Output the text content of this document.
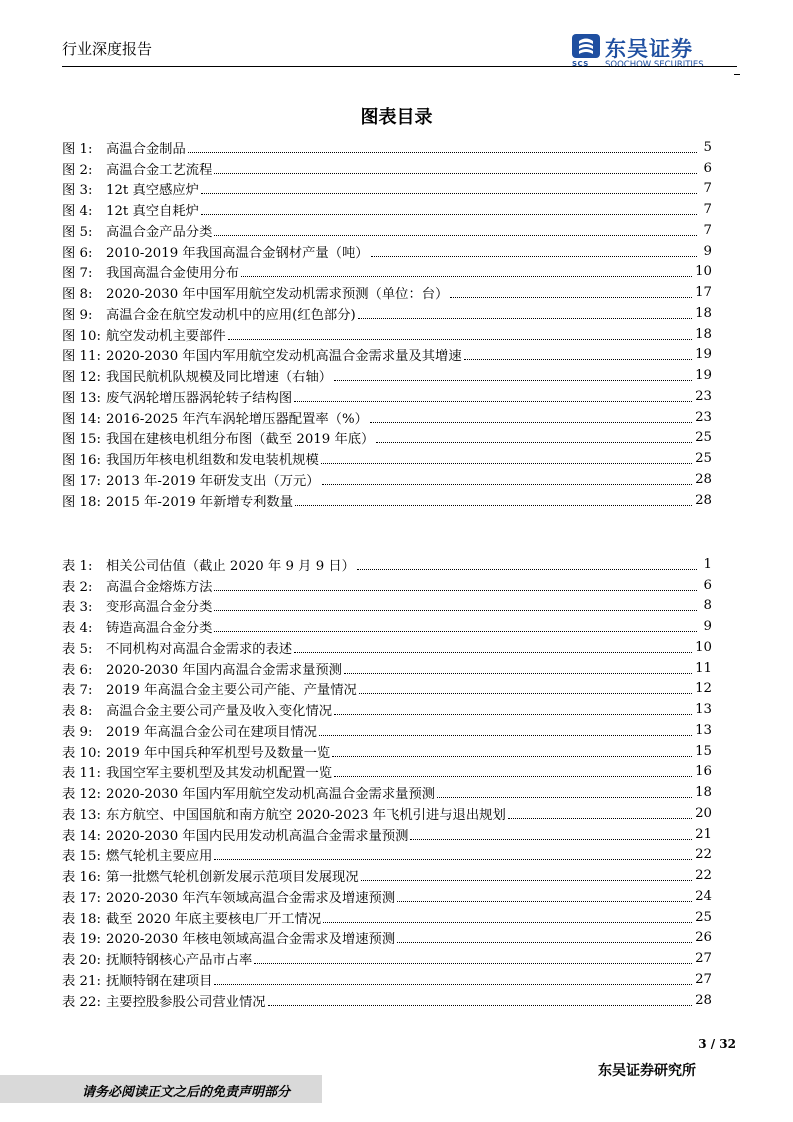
行业深度报告
SCS
东吴证券
SOOCHOW SECURITIES
图表目录
图 1:	高温合金制品	5
图 2:	高温合金工艺流程	6
图 3:	12t 真空感应炉	7
图 4:	12t 真空自耗炉	7
图 5:	高温合金产品分类	7
图 6:	2010-2019 年我国高温合金钢材产量（吨）	9
图 7:	我国高温合金使用分布	10
图 8:	2020-2030 年中国军用航空发动机需求预测（单位：台）	17
图 9:	高温合金在航空发动机中的应用(红色部分)	18
图 10: 航空发动机主要部件	18
图 11: 2020-2030 年国内军用航空发动机高温合金需求量及其增速	19
图 12: 我国民航机队规模及同比增速（右轴）	19
图 13: 废气涡轮增压器涡轮转子结构图	23
图 14: 2016-2025 年汽车涡轮增压器配置率（%）	23
图 15: 我国在建核电机组分布图（截至 2019 年底）	25
图 16: 我国历年核电机组数和发电装机规模	25
图 17: 2013 年-2019 年研发支出（万元）	28
图 18: 2015 年-2019 年新增专利数量	28
表 1:	相关公司估值（截止 2020 年 9 月 9 日）	1
表 2:	高温合金熔炼方法	6
表 3:	变形高温合金分类	8
表 4:	铸造高温合金分类	9
表 5:	不同机构对高温合金需求的表述	10
表 6:	2020-2030 年国内高温合金需求量预测	11
表 7:	2019 年高温合金主要公司产能、产量情况	12
表 8:	高温合金主要公司产量及收入变化情况	13
表 9:	2019 年高温合金公司在建项目情况	13
表 10: 2019 年中国兵种军机型号及数量一览	15
表 11: 我国空军主要机型及其发动机配置一览	16
表 12: 2020-2030 年国内军用航空发动机高温合金需求量预测	18
表 13: 东方航空、中国国航和南方航空 2020-2023 年飞机引进与退出规划	20
表 14: 2020-2030 年国内民用发动机高温合金需求量预测	21
表 15: 燃气轮机主要应用	22
表 16: 第一批燃气轮机创新发展示范项目发展现况	22
表 17: 2020-2030 年汽车领域高温合金需求及增速预测	24
表 18: 截至 2020 年底主要核电厂开工情况	25
表 19: 2020-2030 年核电领域高温合金需求及增速预测	26
表 20: 抚顺特钢核心产品市占率	27
表 21: 抚顺特钢在建项目	27
表 22: 主要控股参股公司营业情况	28
3 / 32
东吴证券研究所
请务必阅读正文之后的免责声明部分
